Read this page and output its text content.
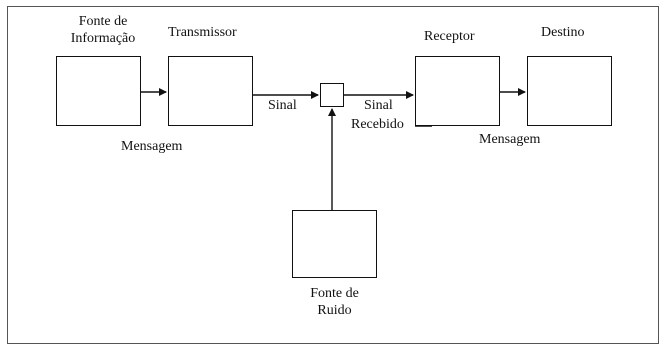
Fonte de
Informação	Transmissor	Receptor	Destino
Sinal	Sinal
Recebido
Mensagem	Mensagem
Fonte de
Ruido
